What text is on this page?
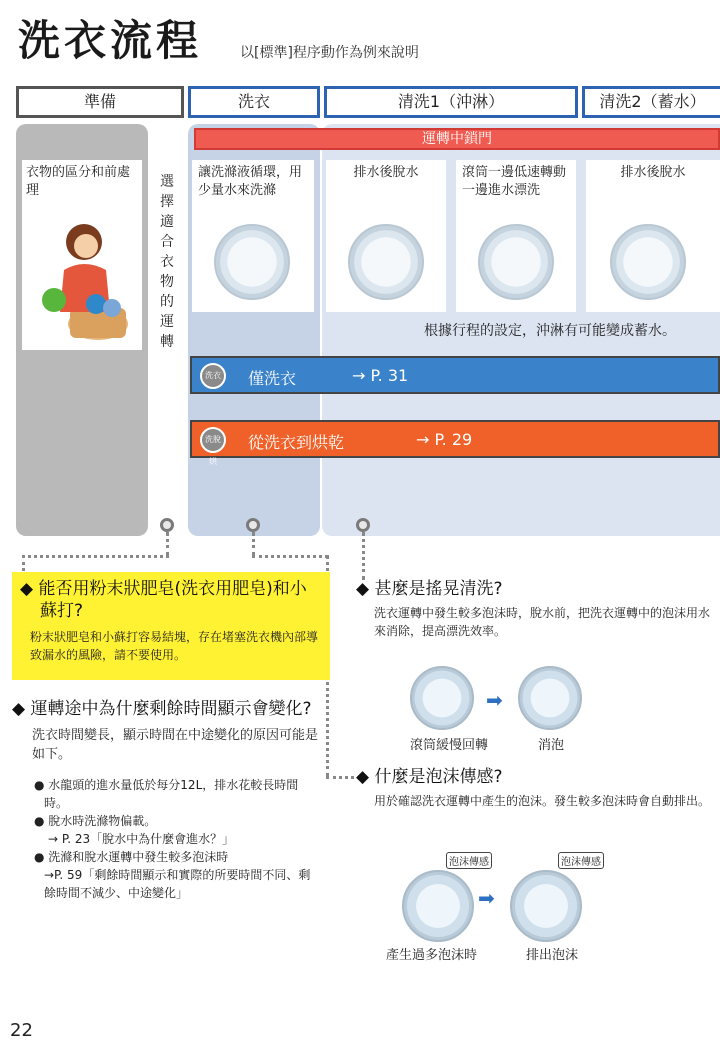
洗衣流程	以[標準]程序動作為例來說明
準備	洗衣	清洗1（沖淋）	清洗2（蓄水）
運轉中鎖門
衣物的區分和前處理
選擇適合衣物的運轉
讓洗滌液循環，用少量水來洗滌
排水後脫水	滾筒一邊低速轉動一邊進水漂洗
排水後脫水
根據行程的設定，沖淋有可能變成蓄水。
洗衣	僅洗衣	→ P. 31
洗脫烘
從洗衣到烘乾	→ P. 29
◆ 能否用粉末狀肥皂(洗衣用肥皂)和小蘇打?
粉末狀肥皂和小蘇打容易結塊，存在堵塞洗衣機內部導致漏水的風險，請不要使用。
◆ 運轉途中為什麼剩餘時間顯示會變化?
洗衣時間變長，顯示時間在中途變化的原因可能是如下。
● 水龍頭的進水量低於每分12L，排水花較長時間時。
● 脫水時洗滌物偏載。
→ P. 23「脫水中為什麼會進水？」
● 洗滌和脫水運轉中發生較多泡沫時
→P. 59「剩餘時間顯示和實際的所要時間不同、剩餘時間不減少、中途變化」
◆ 甚麼是搖晃清洗?
洗衣運轉中發生較多泡沫時，脫水前，把洗衣運轉中的泡沫用水來消除，提高漂洗效率。
➡
滾筒緩慢回轉	消泡
◆ 什麼是泡沫傳感?
用於確認洗衣運轉中產生的泡沫。發生較多泡沫時會自動排出。
泡沫傳感	泡沫傳感
➡
產生過多泡沫時	排出泡沫
22
